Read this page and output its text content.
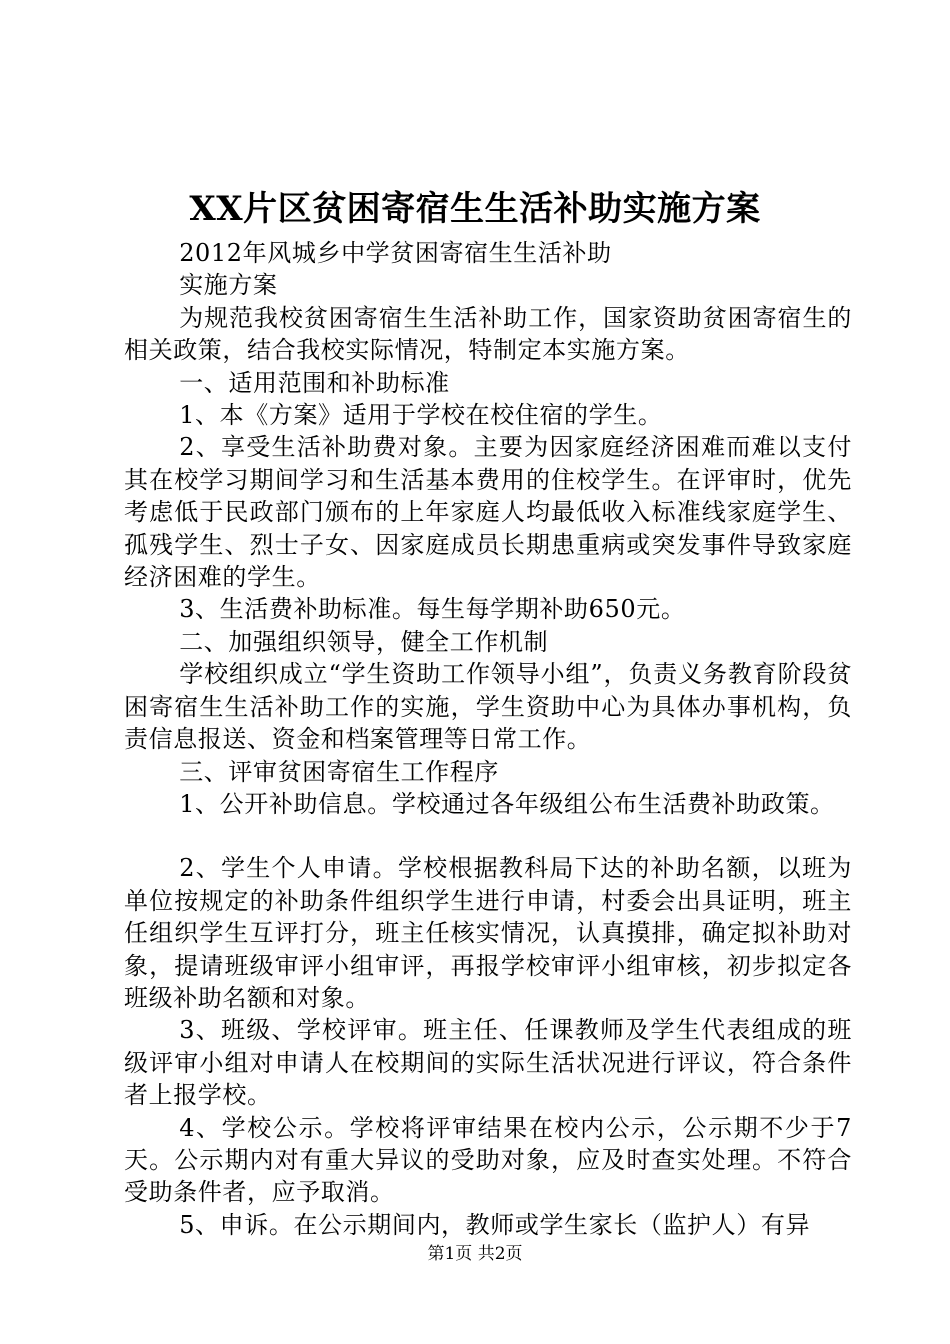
XX片区贫困寄宿生生活补助实施方案

2012年风城乡中学贫困寄宿生生活补助

实施方案

为规范我校贫困寄宿生生活补助工作，国家资助贫困寄宿生的相关政策，结合我校实际情况，特制定本实施方案。

一、适用范围和补助标准

1、本《方案》适用于学校在校住宿的学生。

2、享受生活补助费对象。主要为因家庭经济困难而难以支付其在校学习期间学习和生活基本费用的住校学生。在评审时，优先考虑低于民政部门颁布的上年家庭人均最低收入标准线家庭学生、孤残学生、烈士子女、因家庭成员长期患重病或突发事件导致家庭经济困难的学生。

3、生活费补助标准。每生每学期补助650元。

二、加强组织领导，健全工作机制

学校组织成立“学生资助工作领导小组”，负责义务教育阶段贫困寄宿生生活补助工作的实施，学生资助中心为具体办事机构，负责信息报送、资金和档案管理等日常工作。

三、评审贫困寄宿生工作程序

1、公开补助信息。学校通过各年级组公布生活费补助政策。

2、学生个人申请。学校根据教科局下达的补助名额，以班为单位按规定的补助条件组织学生进行申请，村委会出具证明，班主任组织学生互评打分，班主任核实情况，认真摸排，确定拟补助对象，提请班级审评小组审评，再报学校审评小组审核，初步拟定各班级补助名额和对象。

3、班级、学校评审。班主任、任课教师及学生代表组成的班级评审小组对申请人在校期间的实际生活状况进行评议，符合条件者上报学校。

4、学校公示。学校将评审结果在校内公示，公示期不少于7天。公示期内对有重大异议的受助对象，应及时查实处理。不符合受助条件者，应予取消。

5、申诉。在公示期间内，教师或学生家长（监护人）有异

第1页 共2页
